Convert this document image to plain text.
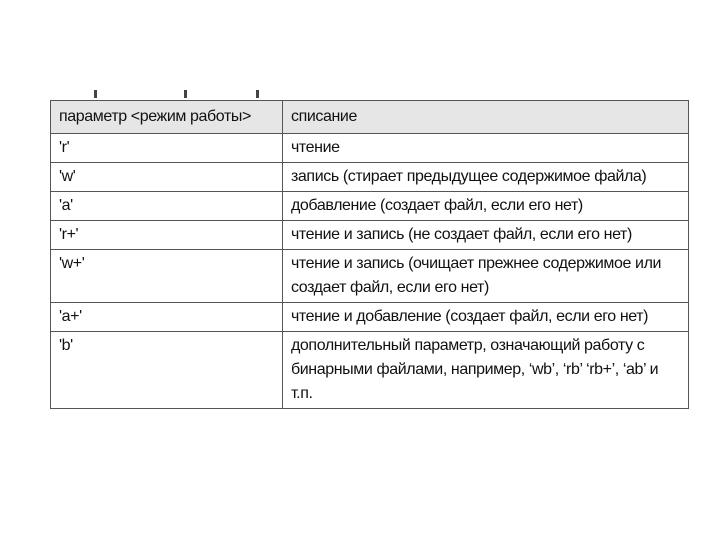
параметр <режим работы>	списание
'r'	чтение
'w'	запись (стирает предыдущее содержимое файла)
'a'	добавление (создает файл, если его нет)
'r+'	чтение и запись (не создает файл, если его нет)
'w+'	чтение и запись (очищает прежнее содержимое или создает файл, если его нет)
'a+'	чтение и добавление (создает файл, если его нет)
'b'	дополнительный параметр, означающий работу с бинарными файлами, например, ‘wb’, ‘rb’ ‘rb+’, ‘ab’ и т.п.
